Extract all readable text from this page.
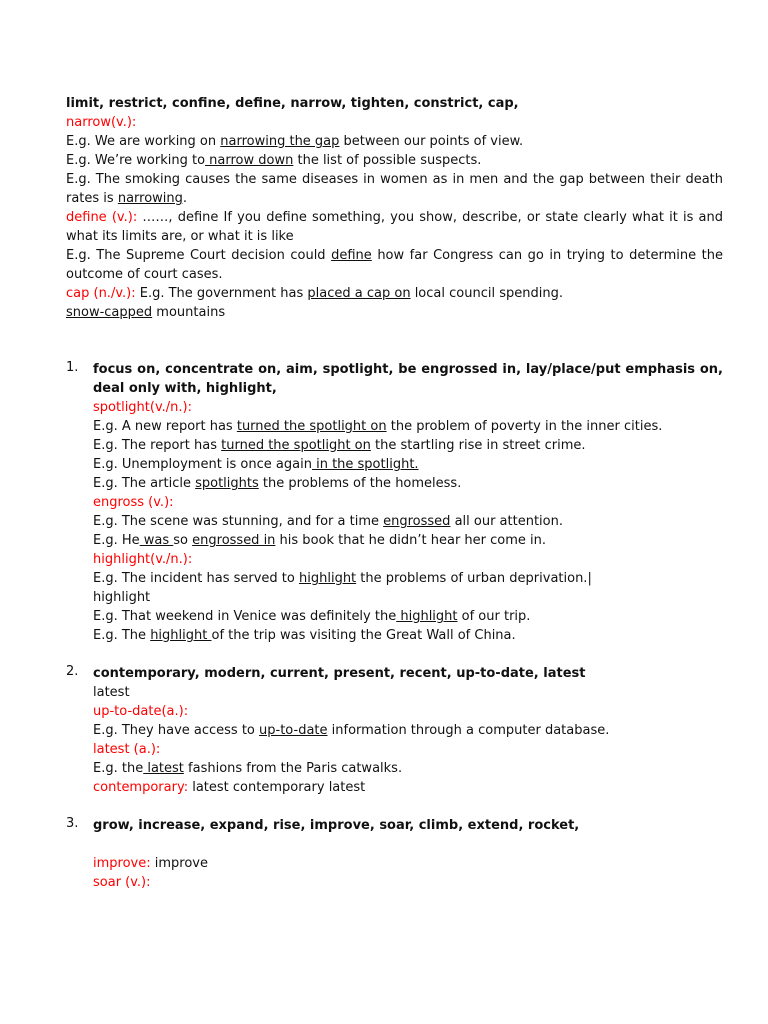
limit, restrict, confine, define, narrow, tighten, constrict, cap,
narrow(v.):
E.g. We are working on narrowing the gap between our points of view.
E.g. We’re working to narrow down the list of possible suspects.
E.g. The smoking causes the same diseases in women as in men and the gap between their death rates is narrowing.
define (v.): ……, define If you define something, you show, describe, or state clearly what it is and what its limits are, or what it is like
E.g. The Supreme Court decision could define how far Congress can go in trying to determine the outcome of court cases.
cap (n./v.): E.g. The government has placed a cap on local council spending.
snow-capped mountains
1. focus on, concentrate on, aim, spotlight, be engrossed in, lay/place/put emphasis on, deal only with, highlight,
spotlight(v./n.):
E.g. A new report has turned the spotlight on the problem of poverty in the inner cities.
E.g. The report has turned the spotlight on the startling rise in street crime.
E.g. Unemployment is once again in the spotlight.
E.g. The article spotlights the problems of the homeless.
engross (v.):
E.g. The scene was stunning, and for a time engrossed all our attention.
E.g. He was so engrossed in his book that he didn’t hear her come in.
highlight(v./n.):
E.g. The incident has served to highlight the problems of urban deprivation.|
highlight
E.g. That weekend in Venice was definitely the highlight of our trip.
E.g. The highlight of the trip was visiting the Great Wall of China.
2. contemporary, modern, current, present, recent, up-to-date, latest
latest
up-to-date(a.):
E.g. They have access to up-to-date information through a computer database.
latest (a.):
E.g. the latest fashions from the Paris catwalks.
contemporary: latest contemporary latest
3. grow, increase, expand, rise, improve, soar, climb, extend, rocket,
improve: improve
soar (v.):
